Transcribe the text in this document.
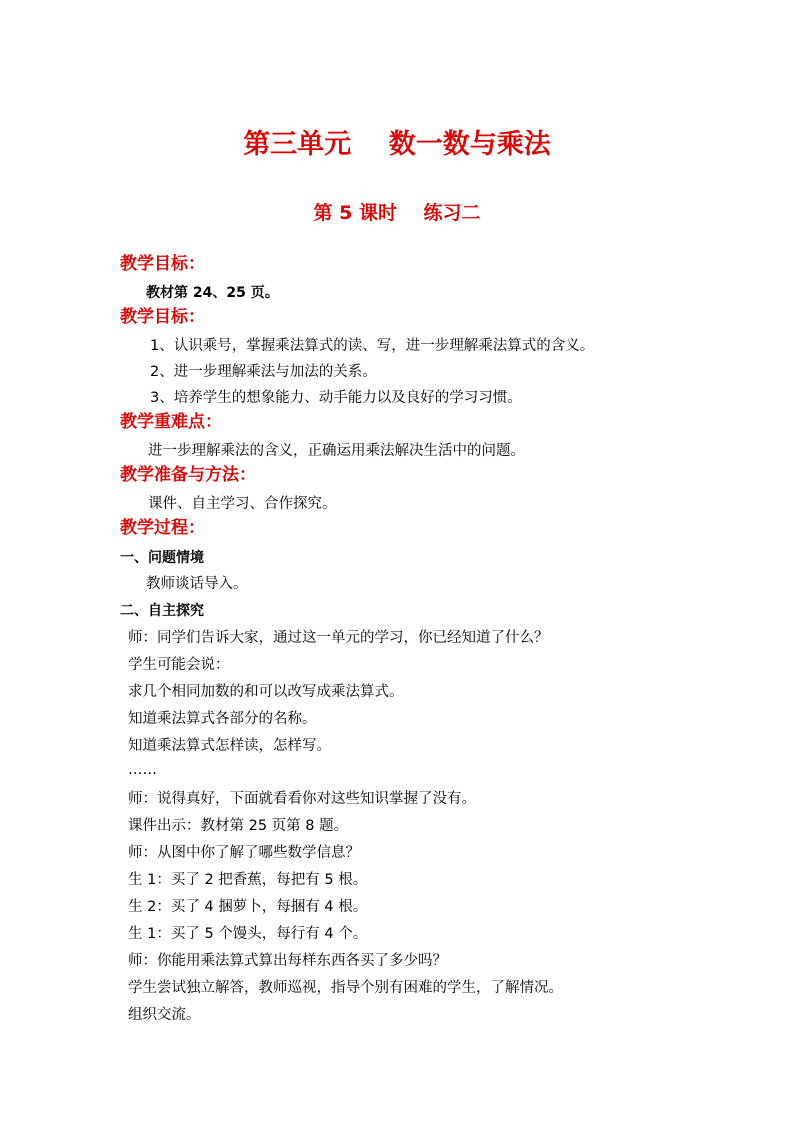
第三单元    数一数与乘法
第 5 课时    练习二
教学目标：
教材第 24、25 页。
教学目标：
1、认识乘号，掌握乘法算式的读、写，进一步理解乘法算式的含义。
2、进一步理解乘法与加法的关系。
3、培养学生的想象能力、动手能力以及良好的学习习惯。
教学重难点：
进一步理解乘法的含义，正确运用乘法解决生活中的问题。
教学准备与方法：
课件、自主学习、合作探究。
教学过程：
一、问题情境
教师谈话导入。
二、自主探究
师：同学们告诉大家，通过这一单元的学习，你已经知道了什么？
学生可能会说：
求几个相同加数的和可以改写成乘法算式。
知道乘法算式各部分的名称。
知道乘法算式怎样读，怎样写。
……
师：说得真好，下面就看看你对这些知识掌握了没有。
课件出示：教材第 25 页第 8 题。
师：从图中你了解了哪些数学信息？
生 1：买了 2 把香蕉，每把有 5 根。
生 2：买了 4 捆萝卜，每捆有 4 根。
生 1：买了 5 个馒头，每行有 4 个。
师：你能用乘法算式算出每样东西各买了多少吗？
学生尝试独立解答，教师巡视，指导个别有困难的学生，了解情况。
组织交流。
